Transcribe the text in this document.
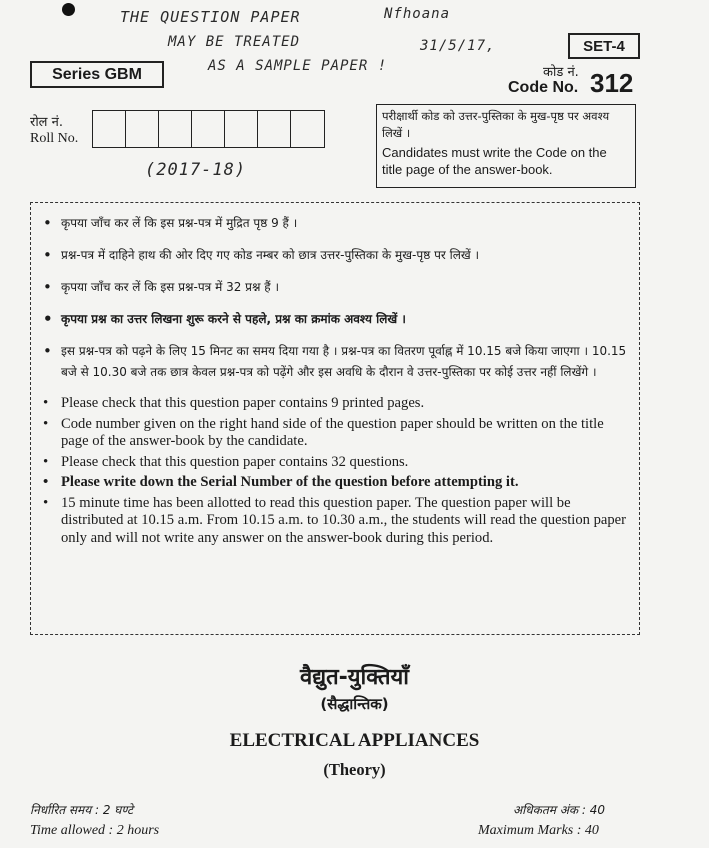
THE QUESTION PAPER
MAY BE TREATED
AS A SAMPLE PAPER !
Nfhoana
31/5/17,	SET-4
Series GBM	कोड नं.
Code No. 312
रोल नं.
Roll No.
(2017-18)
परीक्षार्थी कोड को उत्तर-पुस्तिका के मुख-पृष्ठ पर अवश्य लिखें ।
Candidates must write the Code on the title page of the answer-book.
• कृपया जाँच कर लें कि इस प्रश्न-पत्र में मुद्रित पृष्ठ 9 हैं ।
• प्रश्न-पत्र में दाहिने हाथ की ओर दिए गए कोड नम्बर को छात्र उत्तर-पुस्तिका के मुख-पृष्ठ पर लिखें ।
• कृपया जाँच कर लें कि इस प्रश्न-पत्र में 32 प्रश्न हैं ।
• कृपया प्रश्न का उत्तर लिखना शुरू करने से पहले, प्रश्न का क्रमांक अवश्य लिखें ।
• इस प्रश्न-पत्र को पढ़ने के लिए 15 मिनट का समय दिया गया है । प्रश्न-पत्र का वितरण पूर्वाह्न में 10.15 बजे किया जाएगा । 10.15 बजे से 10.30 बजे तक छात्र केवल प्रश्न-पत्र को पढ़ेंगे और इस अवधि के दौरान वे उत्तर-पुस्तिका पर कोई उत्तर नहीं लिखेंगे ।
• Please check that this question paper contains 9 printed pages.
• Code number given on the right hand side of the question paper should be written on the title page of the answer-book by the candidate.
• Please check that this question paper contains 32 questions.
• Please write down the Serial Number of the question before attempting it.
• 15 minute time has been allotted to read this question paper. The question paper will be distributed at 10.15 a.m. From 10.15 a.m. to 10.30 a.m., the students will read the question paper only and will not write any answer on the answer-book during this period.
वैद्युत-युक्तियाँ
(सैद्धान्तिक)
ELECTRICAL APPLIANCES
(Theory)
निर्धारित समय : 2 घण्टे	अधिकतम अंक : 40
Time allowed : 2 hours	Maximum Marks : 40
